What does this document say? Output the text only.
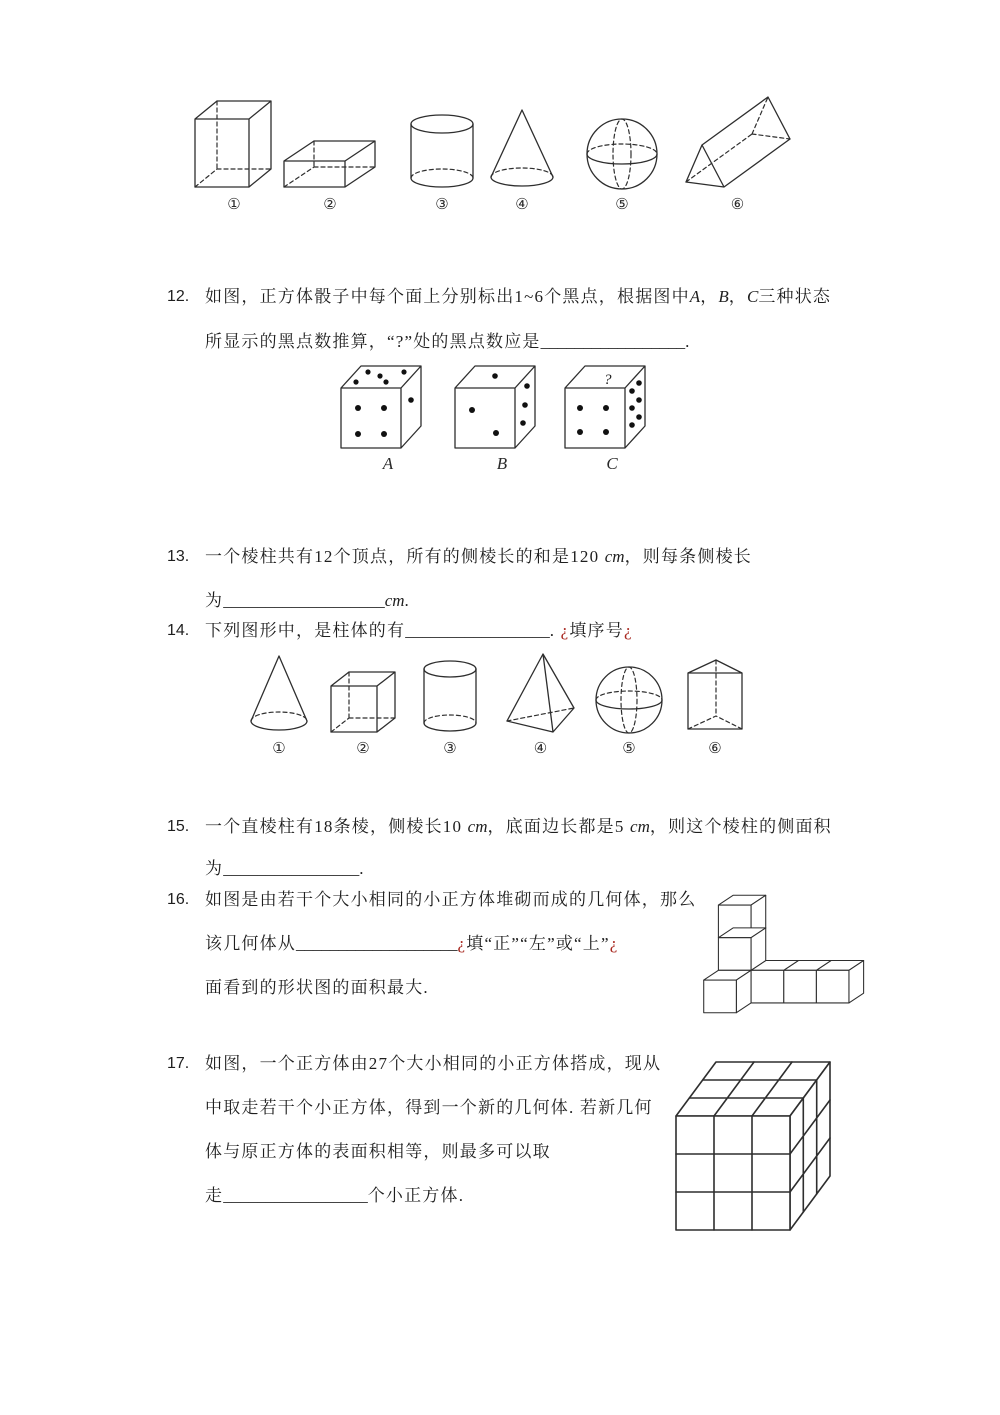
①	②	③	④	⑤	⑥
12. 如图，正方体骰子中每个面上分别标出1~6个黑点，根据图中A，B，C三种状态
所显示的黑点数推算，“?”处的黑点数应是_________________.
A	B
?
C
13. 一个棱柱共有12个顶点，所有的侧棱长的和是120 cm，则每条侧棱长
为___________________cm.
14. 下列图形中，是柱体的有_________________. ¿填序号¿
①	②	③	④	⑤	⑥
15. 一个直棱柱有18条棱，侧棱长10 cm，底面边长都是5 cm，则这个棱柱的侧面积
为________________.
16. 如图是由若干个大小相同的小正方体堆砌而成的几何体，那么
该几何体从___________________¿填“正”“左”或“上”¿
面看到的形状图的面积最大.
17. 如图，一个正方体由27个大小相同的小正方体搭成，现从
中取走若干个小正方体，得到一个新的几何体. 若新几何
体与原正方体的表面积相等，则最多可以取
走_________________个小正方体.
